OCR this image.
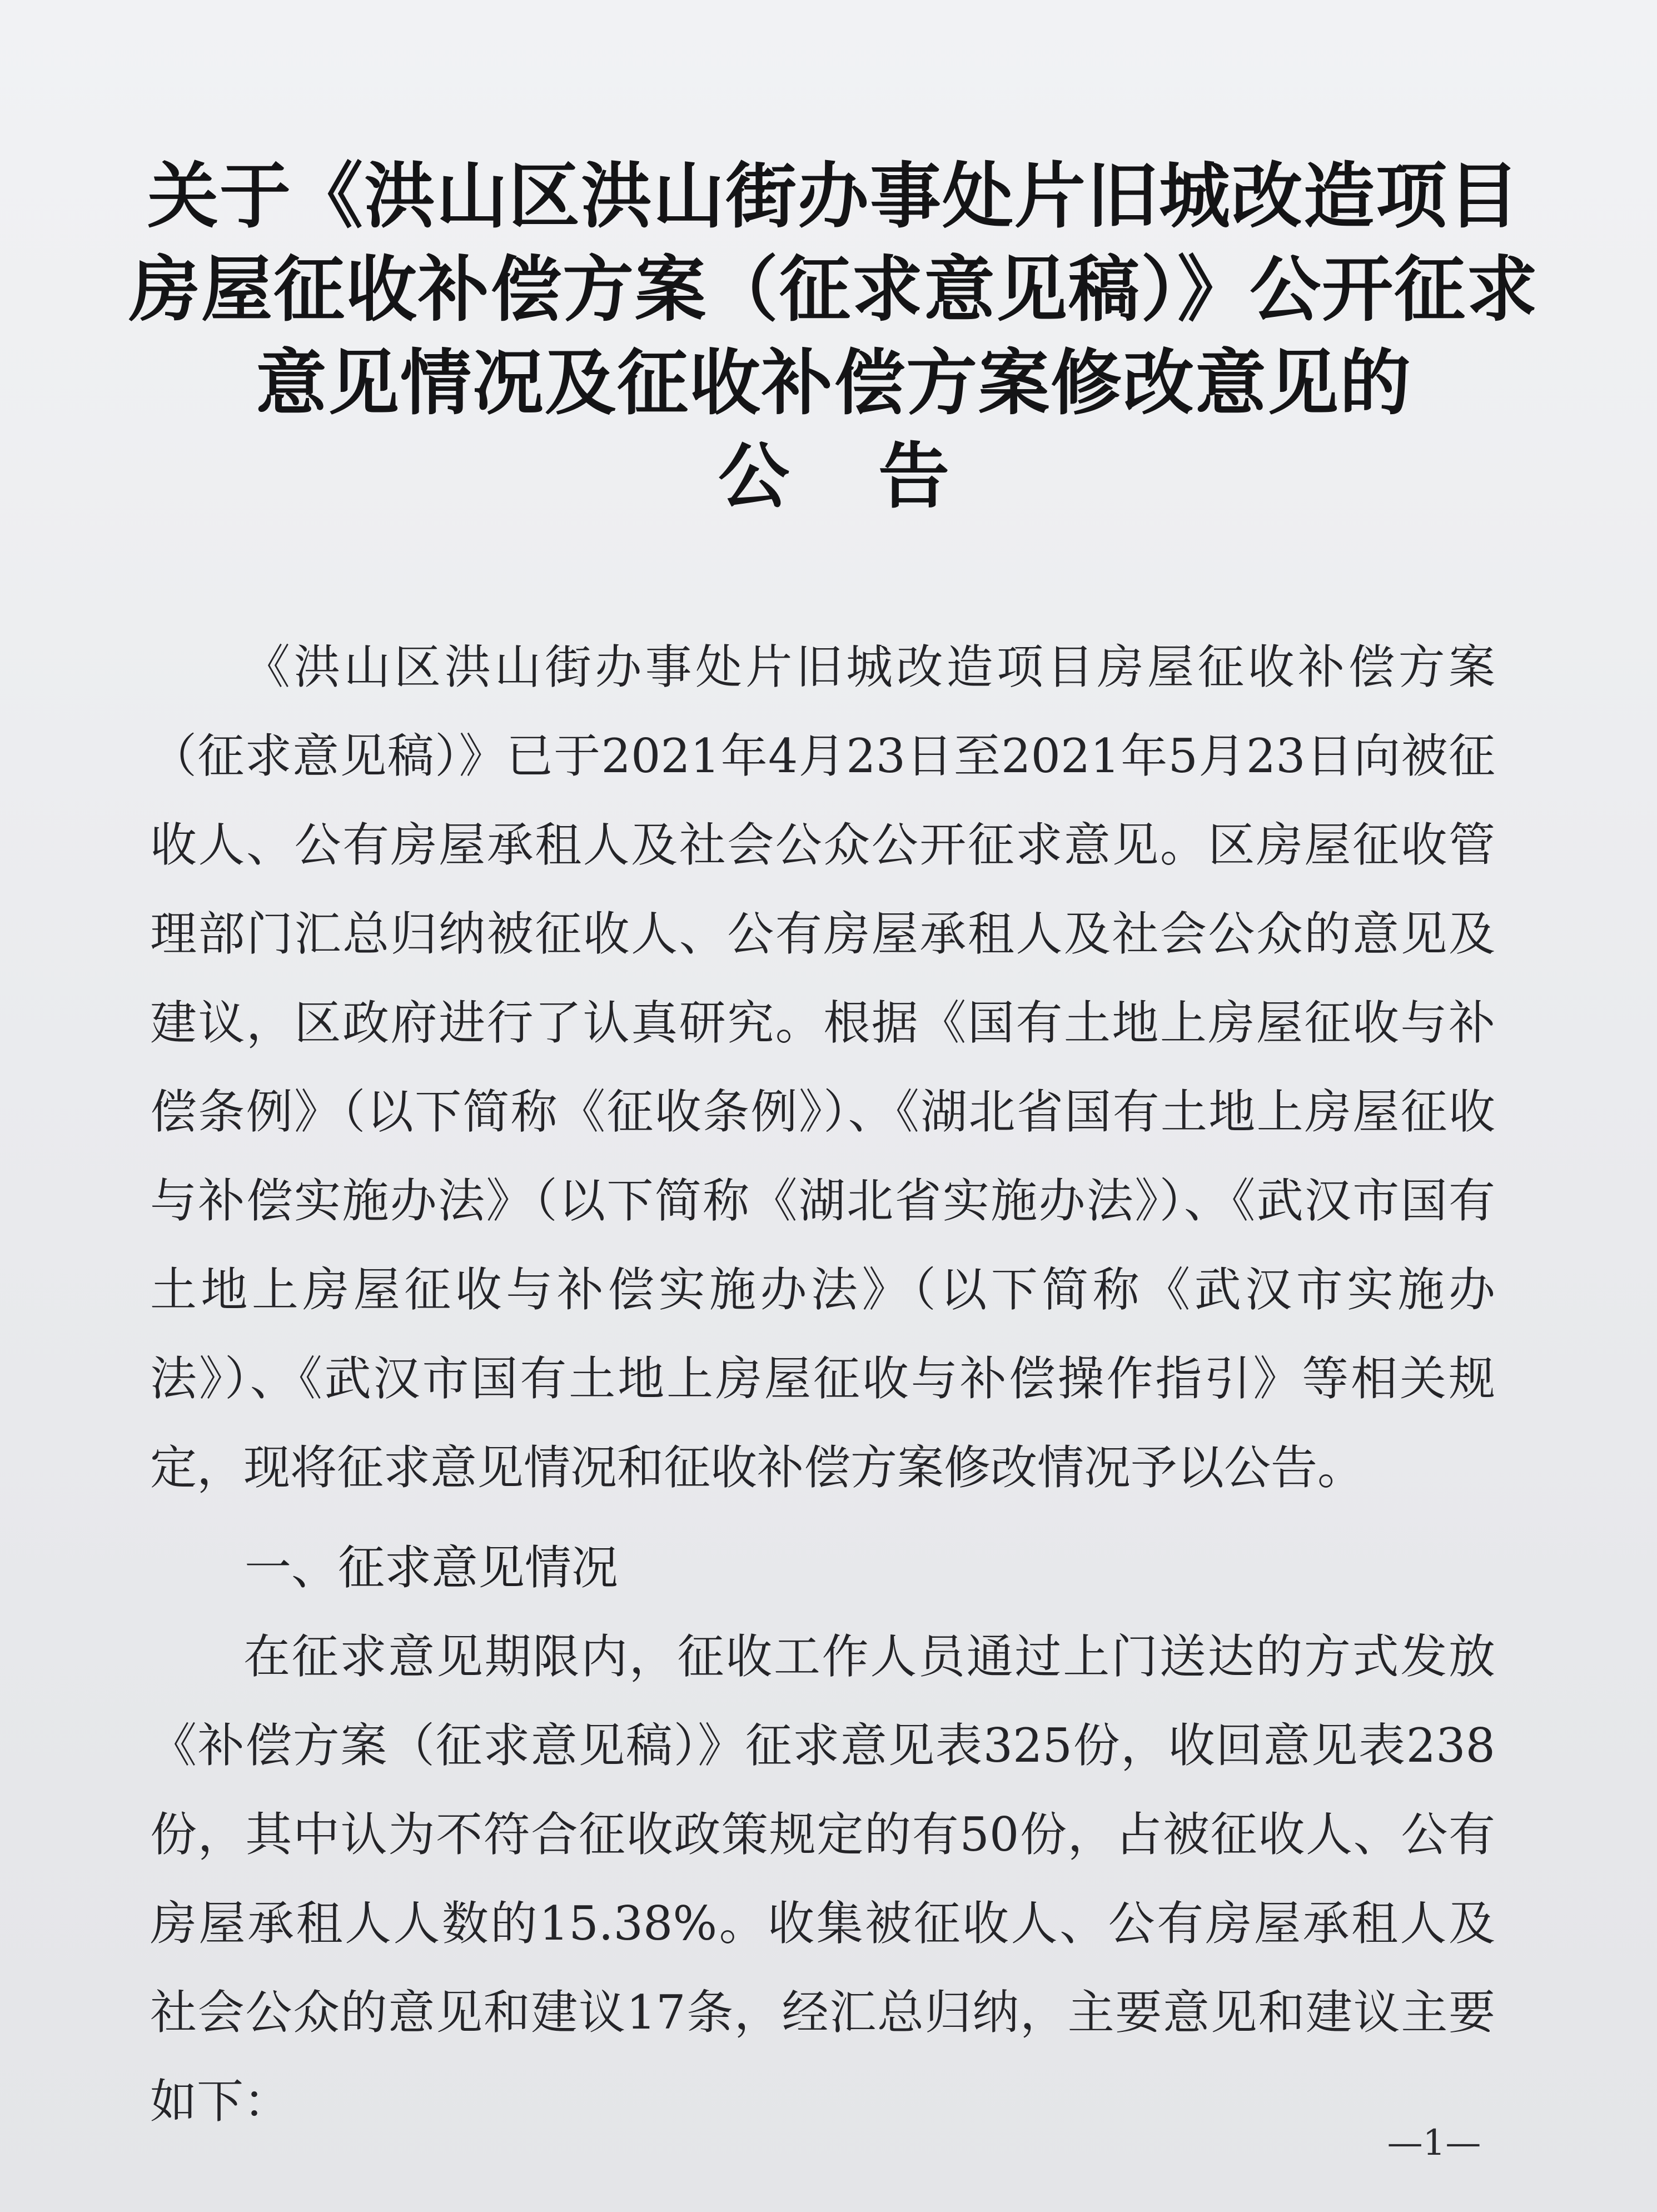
关于《洪山区洪山街办事处片旧城改造项目
房屋征收补偿方案（征求意见稿）》公开征求
意见情况及征收补偿方案修改意见的
公告

《洪山区洪山街办事处片旧城改造项目房屋征收补偿方案（征求意见稿）》已于2021年4月23日至2021年5月23日向被征收人、公有房屋承租人及社会公众公开征求意见。区房屋征收管理部门汇总归纳被征收人、公有房屋承租人及社会公众的意见及建议，区政府进行了认真研究。根据《国有土地上房屋征收与补偿条例》（以下简称《征收条例》）、《湖北省国有土地上房屋征收与补偿实施办法》（以下简称《湖北省实施办法》）、《武汉市国有土地上房屋征收与补偿实施办法》（以下简称《武汉市实施办法》）、《武汉市国有土地上房屋征收与补偿操作指引》等相关规定，现将征求意见情况和征收补偿方案修改情况予以公告。

一、征求意见情况

在征求意见期限内，征收工作人员通过上门送达的方式发放《补偿方案（征求意见稿）》征求意见表325份，收回意见表238份，其中认为不符合征收政策规定的有50份，占被征收人、公有房屋承租人人数的15.38%。收集被征收人、公有房屋承租人及社会公众的意见和建议17条，经汇总归纳，主要意见和建议主要如下：

—1—
